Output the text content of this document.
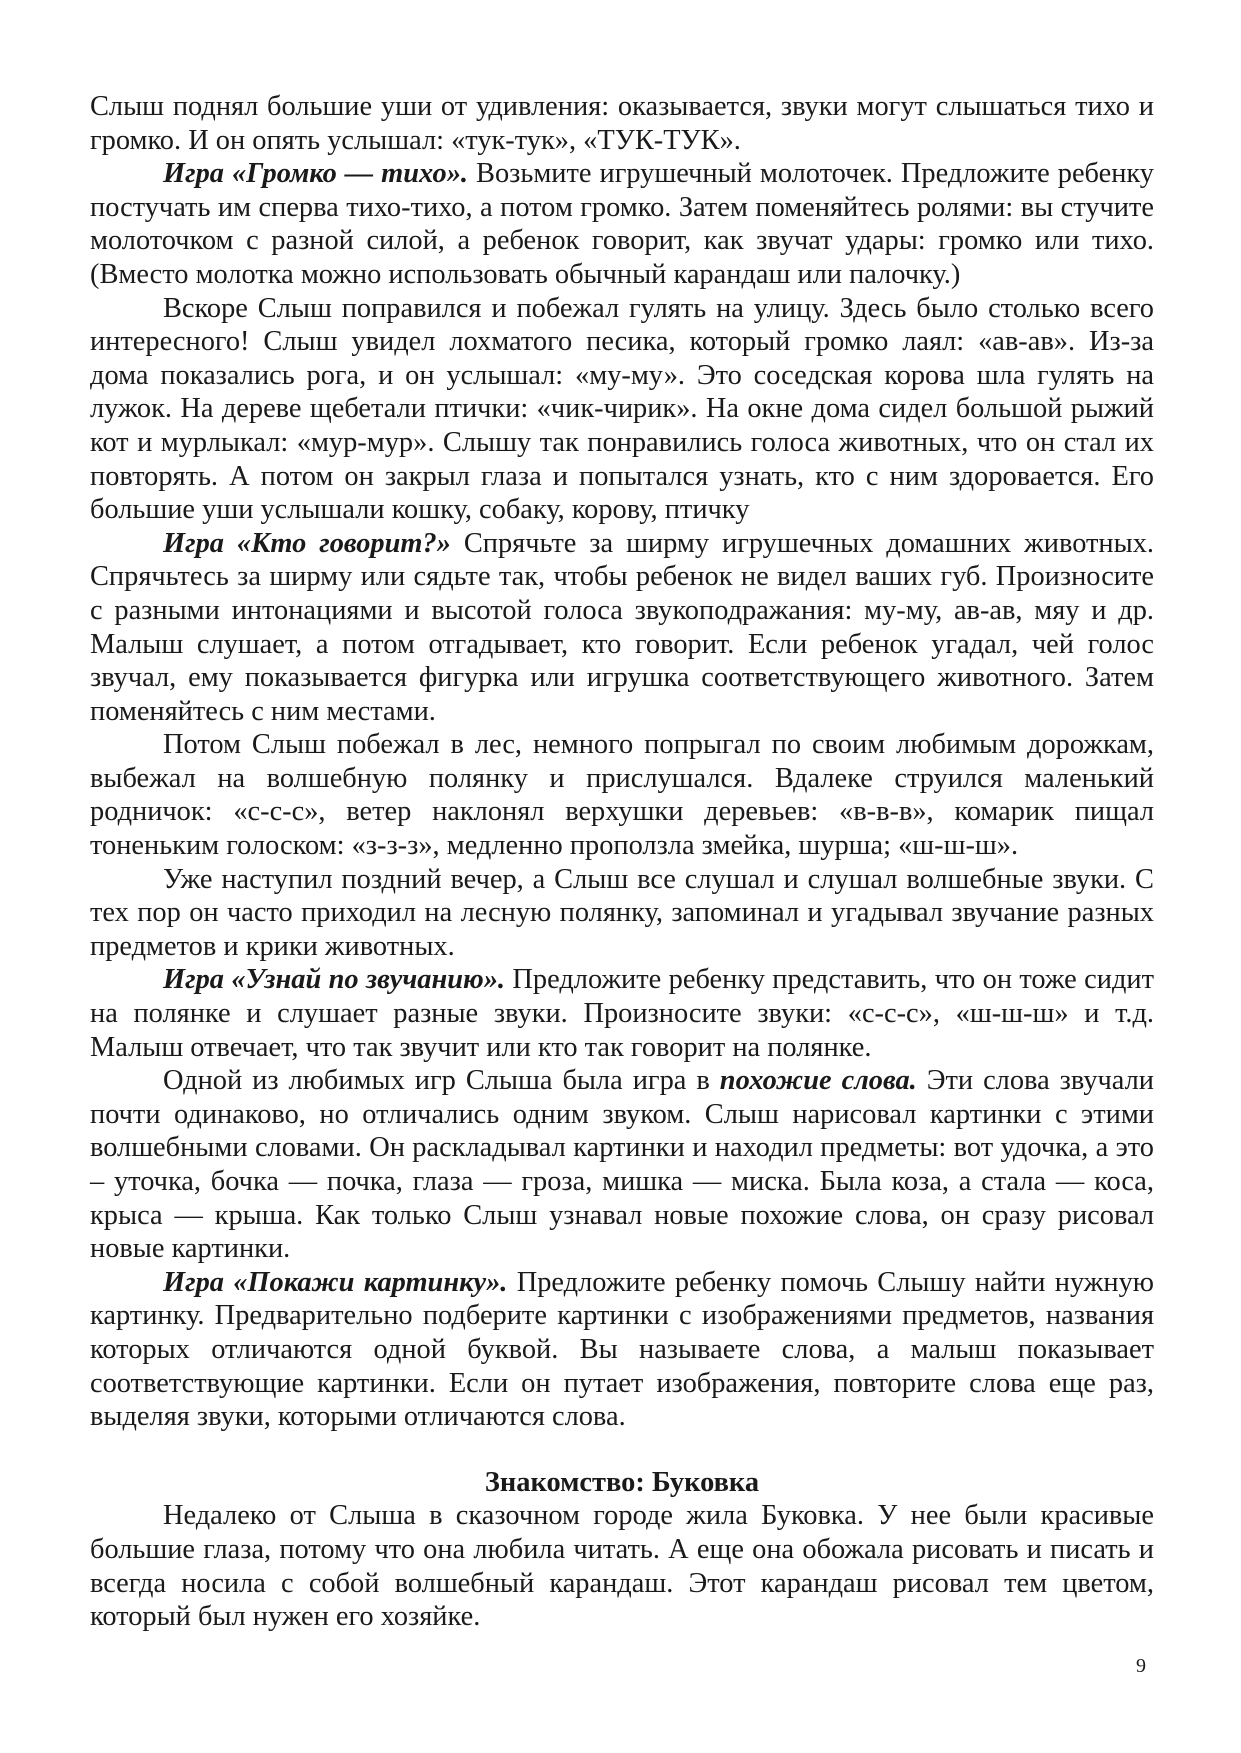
Слыш поднял большие уши от удивления: оказывается, звуки могут слышаться тихо и громко. И он опять услышал: «тук-тук», «ТУК-ТУК».

Игра «Громко — тихо». Возьмите игрушечный молоточек. Предложите ребенку постучать им сперва тихо-тихо, а потом громко. Затем поменяйтесь ролями: вы стучите молоточком с разной силой, а ребенок говорит, как звучат удары: громко или тихо. (Вместо молотка можно использовать обычный карандаш или палочку.)

Вскоре Слыш поправился и побежал гулять на улицу. Здесь было столько всего интересного! Слыш увидел лохматого песика, который громко лаял: «ав-ав». Из-за дома показались рога, и он услышал: «му-му». Это соседская корова шла гулять на лужок. На дереве щебетали птички: «чик-чирик». На окне дома сидел большой рыжий кот и мурлыкал: «мур-мур». Слышу так понравились голоса животных, что он стал их повторять. А потом он закрыл глаза и попытался узнать, кто с ним здоровается. Его большие уши услышали кошку, собаку, корову, птичку

Игра «Кто говорит?» Спрячьте за ширму игрушечных домашних животных. Спрячьтесь за ширму или сядьте так, чтобы ребенок не видел ваших губ. Произносите с разными интонациями и высотой голоса звукоподражания: му-му, ав-ав, мяу и др. Малыш слушает, а потом отгадывает, кто говорит. Если ребенок угадал, чей голос звучал, ему показывается фигурка или игрушка соответствующего животного. Затем поменяйтесь с ним местами.

Потом Слыш побежал в лес, немного попрыгал по своим любимым дорожкам, выбежал на волшебную полянку и прислушался. Вдалеке струился маленький родничок: «с-с-с», ветер наклонял верхушки деревьев: «в-в-в», комарик пищал тоненьким голоском: «з-з-з», медленно проползла змейка, шурша; «ш-ш-ш».

Уже наступил поздний вечер, а Слыш все слушал и слушал волшебные звуки. С тех пор он часто приходил на лесную полянку, запоминал и угадывал звучание разных предметов и крики животных.

Игра «Узнай по звучанию». Предложите ребенку представить, что он тоже сидит на полянке и слушает разные звуки. Произносите звуки: «с-с-с», «ш-ш-ш» и т.д. Малыш отвечает, что так звучит или кто так говорит на полянке.

Одной из любимых игр Слыша была игра в похожие слова. Эти слова звучали почти одинаково, но отличались одним звуком. Слыш нарисовал картинки с этими волшебными словами. Он раскладывал картинки и находил предметы: вот удочка, а это – уточка, бочка — почка, глаза — гроза, мишка — миска. Была коза, а стала — коса, крыса — крыша. Как только Слыш узнавал новые похожие слова, он сразу рисовал новые картинки.

Игра «Покажи картинку». Предложите ребенку помочь Слышу найти нужную картинку. Предварительно подберите картинки с изображениями предметов, названия которых отличаются одной буквой. Вы называете слова, а малыш показывает соответствующие картинки. Если он путает изображения, повторите слова еще раз, выделяя звуки, которыми отличаются слова.

Знакомство: Буковка

Недалеко от Слыша в сказочном городе жила Буковка. У нее были красивые большие глаза, потому что она любила читать. А еще она обожала рисовать и писать и всегда носила с собой волшебный карандаш. Этот карандаш рисовал тем цветом, который был нужен его хозяйке.

9
